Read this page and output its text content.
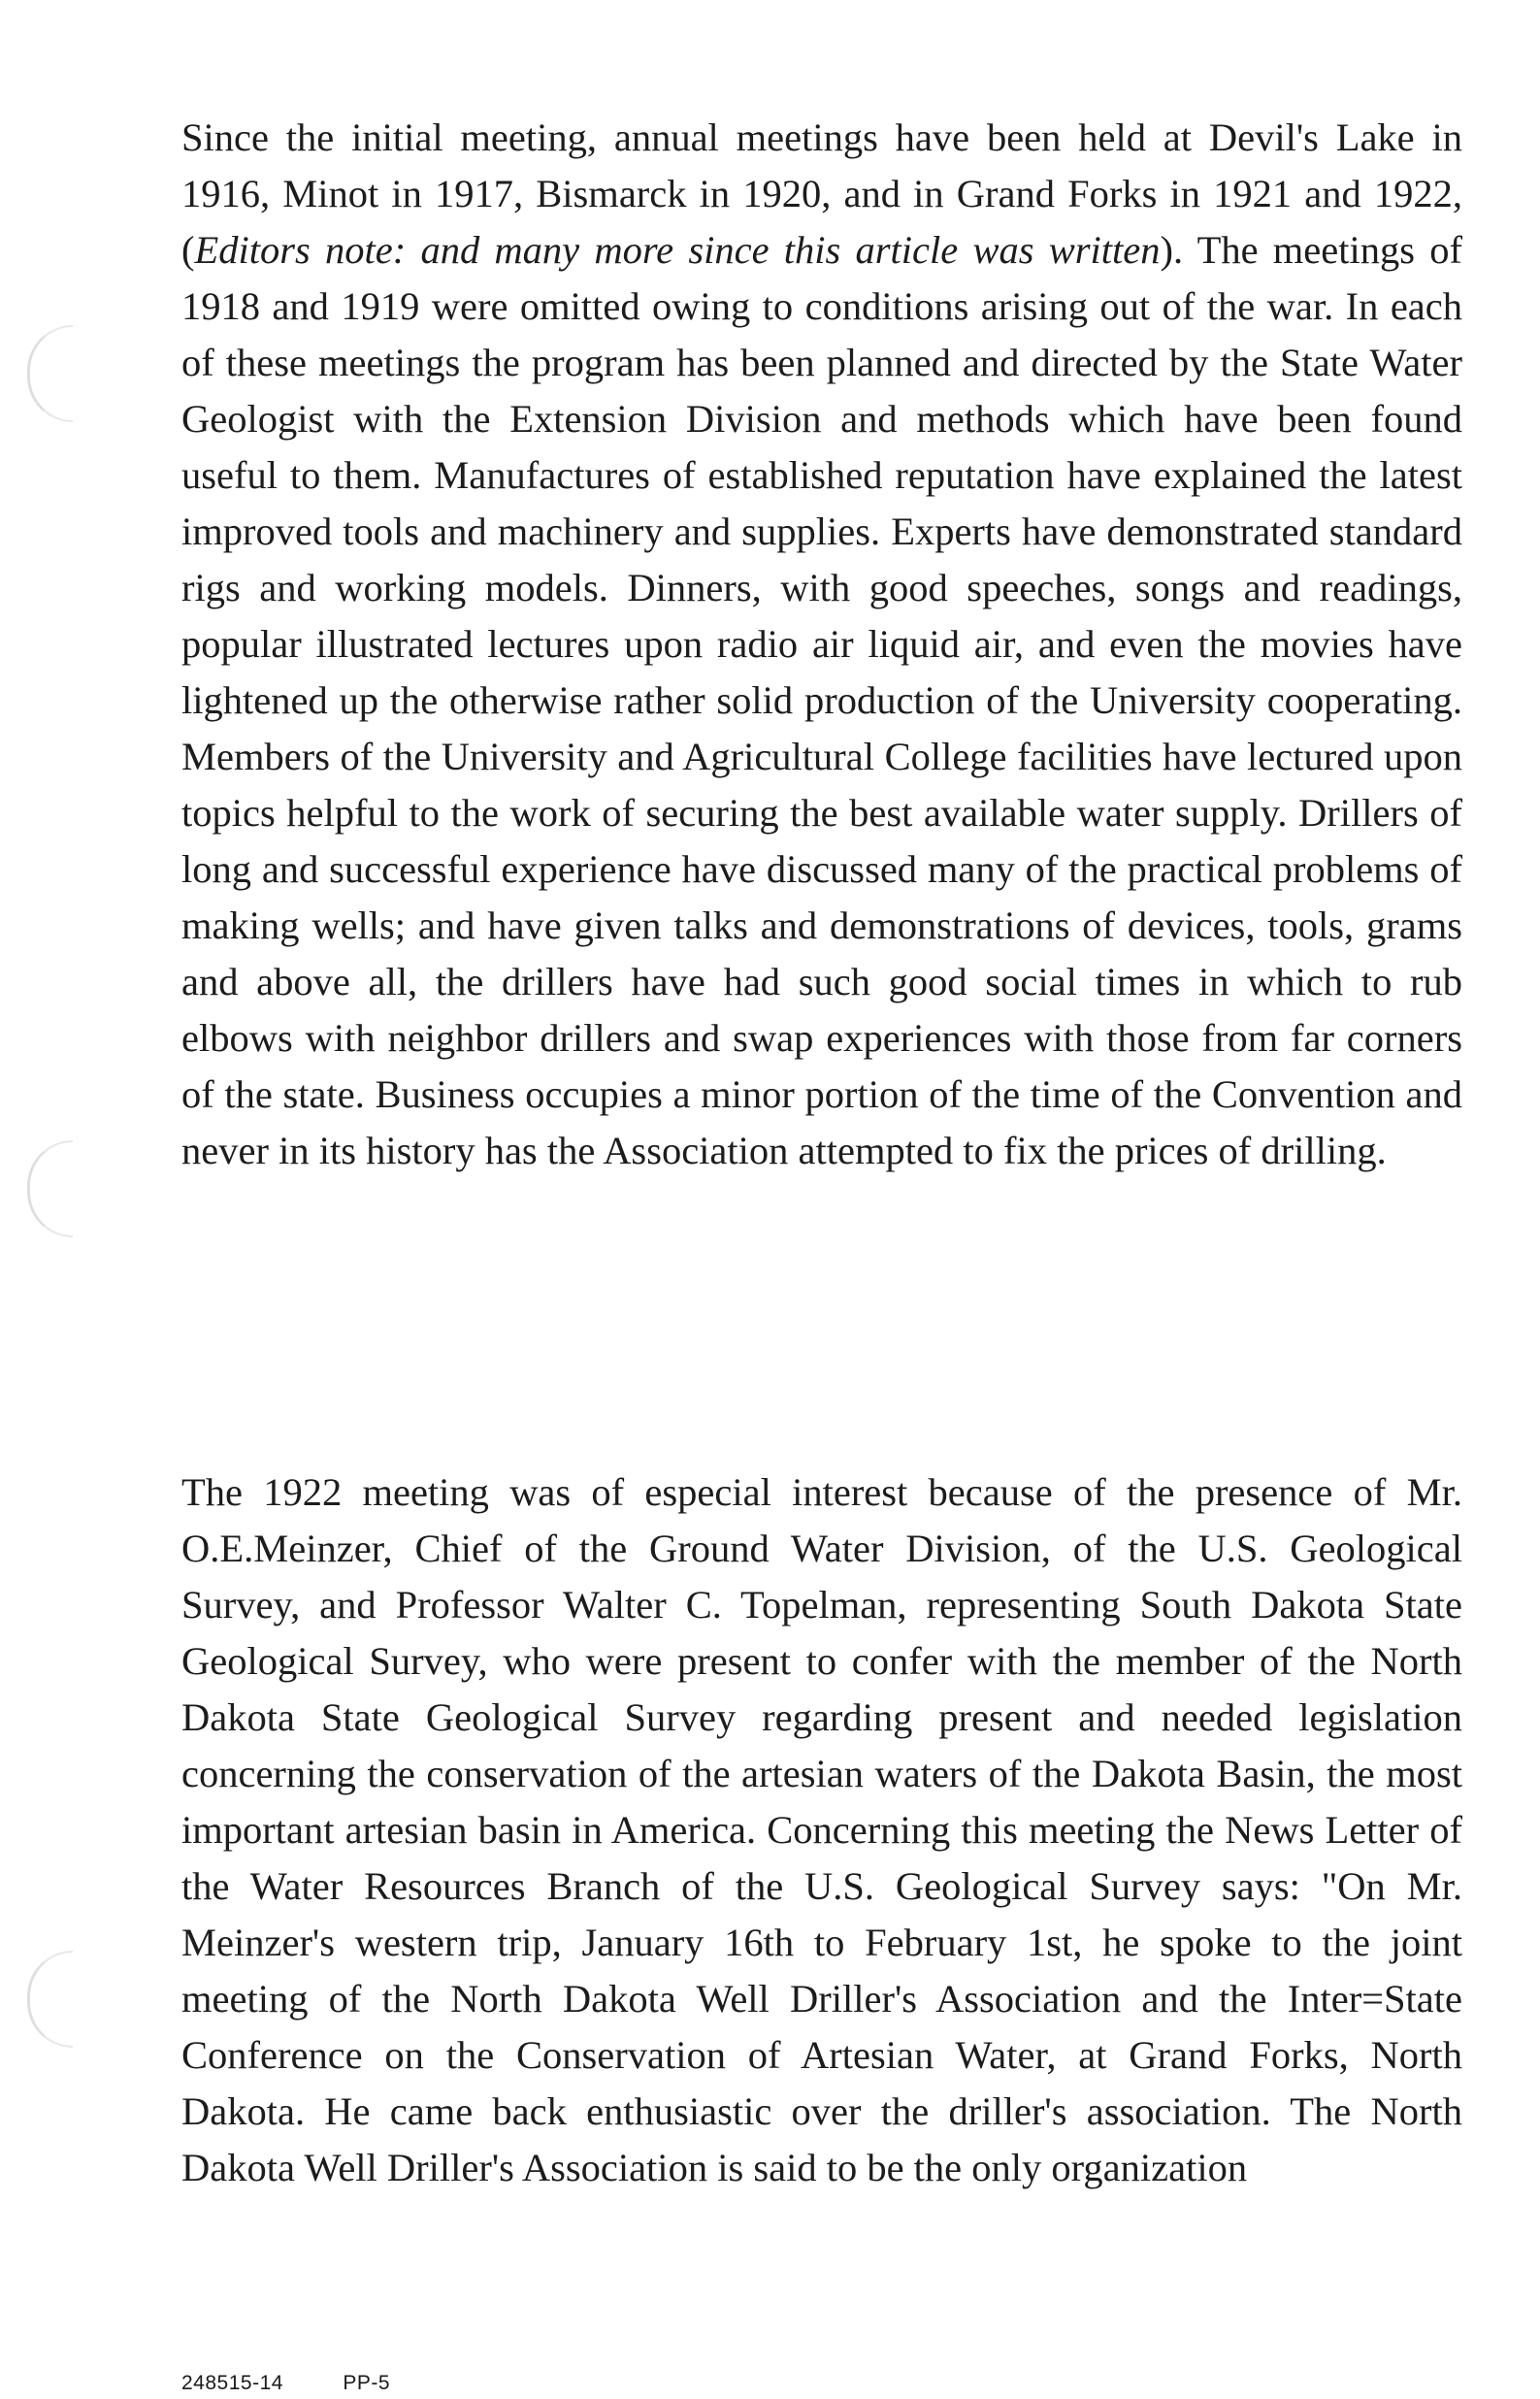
Since the initial meeting, annual meetings have been held at Devil's Lake in 1916, Minot in 1917, Bismarck in 1920, and in Grand Forks in 1921 and 1922, (Editors note: and many more since this article was written). The meetings of 1918 and 1919 were omitted owing to conditions arising out of the war. In each of these meetings the program has been planned and directed by the State Water Geologist with the Extension Division and methods which have been found useful to them. Manufactures of established reputation have explained the latest improved tools and machinery and supplies. Experts have demonstrated standard rigs and working models. Dinners, with good speeches, songs and readings, popular illustrated lectures upon radio air liquid air, and even the movies have lightened up the otherwise rather solid production of the University cooperating. Members of the University and Agricultural College facilities have lectured upon topics helpful to the work of securing the best available water supply. Drillers of long and successful experience have discussed many of the practical problems of making wells; and have given talks and demonstrations of devices, tools, grams and above all, the drillers have had such good social times in which to rub elbows with neighbor drillers and swap experiences with those from far corners of the state. Business occupies a minor portion of the time of the Convention and never in its history has the Association attempted to fix the prices of drilling.

The 1922 meeting was of especial interest because of the presence of Mr. O.E.Meinzer, Chief of the Ground Water Division, of the U.S. Geological Survey, and Professor Walter C. Topelman, representing South Dakota State Geological Survey, who were present to confer with the member of the North Dakota State Geological Survey regarding present and needed legislation concerning the conservation of the artesian waters of the Dakota Basin, the most important artesian basin in America. Concerning this meeting the News Letter of the Water Resources Branch of the U.S. Geological Survey says: "On Mr. Meinzer's western trip, January 16th to February 1st, he spoke to the joint meeting of the North Dakota Well Driller's Association and the Inter=State Conference on the Conservation of Artesian Water, at Grand Forks, North Dakota. He came back enthusiastic over the driller's association. The North Dakota Well Driller's Association is said to be the only organization

248515-14	PP-5
